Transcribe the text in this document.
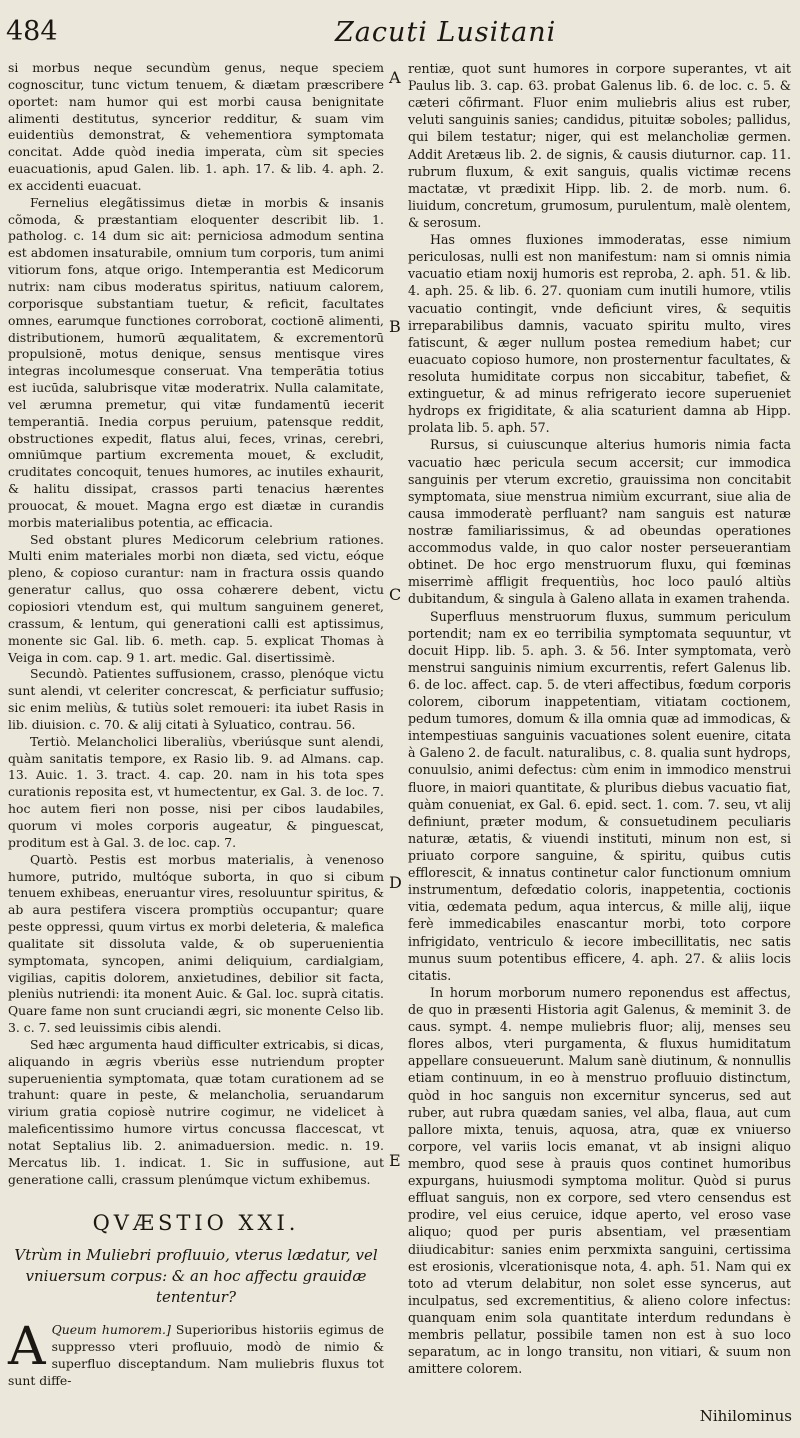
484	Zacuti Lusitani

si morbus neque secundùm genus, neque speciem cognoscitur, tunc victum tenuem, & diætam præscribere oportet: nam humor qui est morbi causa benignitate alimenti destitutus, syncerior redditur, & suam vim euidentiùs demonstrat, & vehementiora symptomata concitat. Adde quòd inedia imperata, cùm sit species euacuationis, apud Galen. lib. 1. aph. 17. & lib. 4. aph. 2. ex accidenti euacuat.

Fernelius elegãtissimus dietæ in morbis & insanis cõmoda, & præstantiam eloquenter describit lib. 1. patholog. c. 14 dum sic ait: perniciosa admodum sentina est abdomen insaturabile, omnium tum corporis, tum animi vitiorum fons, atque origo. Intemperantia est Medicorum nutrix: nam cibus moderatus spiritus, natiuum calorem, corporisque substantiam tuetur, & reficit, facultates omnes, earumque functiones corroborat, coctionē alimenti, distributionem, humorū æqualitatem, & excrementorū propulsionē, motus denique, sensus mentisque vires integras incolumesque conseruat. Vna temperātia totius est iucūda, salubrisque vitæ moderatrix. Nulla calamitate, vel ærumna premetur, qui vitæ fundamentū iecerit temperantiā. Inedia corpus peruium, patensque reddit, obstructiones expedit, flatus alui, feces, vrinas, cerebri, omniūmque partium excrementa mouet, & excludit, cruditates concoquit, tenues humores, ac inutiles exhaurit, & halitu dissipat, crassos parti tenacius hærentes prouocat, & mouet. Magna ergo est diætæ in curandis morbis materialibus potentia, ac efficacia.

Sed obstant plures Medicorum celebrium rationes. Multi enim materiales morbi non diæta, sed victu, eóque pleno, & copioso curantur: nam in fractura ossis quando generatur callus, quo ossa cohærere debent, victu copiosiori vtendum est, qui multum sanguinem generet, crassum, & lentum, qui generationi calli est aptissimus, monente sic Gal. lib. 6. meth. cap. 5. explicat Thomas à Veiga in com. cap. 9 1. art. medic. Gal. disertissimè.

Secundò. Patientes suffusionem, crasso, plenóque victu sunt alendi, vt celeriter concrescat, & perficiatur suffusio; sic enim meliùs, & tutiùs solet remoueri: ita iubet Rasis in lib. diuision. c. 70. & alij citati à Syluatico, contrau. 56.

Tertiò. Melancholici liberaliùs, vberiúsque sunt alendi, quàm sanitatis tempore, ex Rasio lib. 9. ad Almans. cap. 13. Auic. 1. 3. tract. 4. cap. 20. nam in his tota spes curationis reposita est, vt humectentur, ex Gal. 3. de loc. 7. hoc autem fieri non posse, nisi per cibos laudabiles, quorum vi moles corporis augeatur, & pinguescat, proditum est à Gal. 3. de loc. cap. 7.

Quartò. Pestis est morbus materialis, à venenoso humore, putrido, multóque suborta, in quo si cibum tenuem exhibeas, eneruantur vires, resoluuntur spiritus, & ab aura pestifera viscera promptiùs occupantur; quare peste oppressi, quum virtus ex morbi deleteria, & malefica qualitate sit dissoluta valde, & ob superuenientia symptomata, syncopen, animi deliquium, cardialgiam, vigilias, capitis dolorem, anxietudines, debilior sit facta, pleniùs nutriendi: ita monent Auic. & Gal. loc. suprà citatis. Quare fame non sunt cruciandi ægri, sic monente Celso lib. 3. c. 7. sed leuissimis cibis alendi.

Sed hæc argumenta haud difficulter extricabis, si dicas, aliquando in ægris vberiùs esse nutriendum propter superuenientia symptomata, quæ totam curationem ad se trahunt: quare in peste, & melancholia, seruandarum virium gratia copiosè nutrire cogimur, ne videlicet à maleficentissimo humore virtus concussa flaccescat, vt notat Septalius lib. 2. animaduersion. medic. n. 19. Mercatus lib. 1. indicat. 1. Sic in suffusione, aut generatione calli, crassum plenúmque victum exhibemus.

QVÆSTIO XXI.
Vtrùm in Muliebri profluuio, vterus lædatur, vel vniuersum corpus: & an hoc affectu grauidæ tententur?

A Queum humorem.] Superioribus historiis egimus de suppresso vteri profluuio, modò de nimio & superfluo disceptandum. Nam muliebris fluxus tot sunt diffe-

A
B
C
D
E

rentiæ, quot sunt humores in corpore superantes, vt ait Paulus lib. 3. cap. 63. probat Galenus lib. 6. de loc. c. 5. & cæteri cõfirmant. Fluor enim muliebris alius est ruber, veluti sanguinis sanies; candidus, pituitæ soboles; pallidus, qui bilem testatur; niger, qui est melancholiæ germen. Addit Aretæus lib. 2. de signis, & causis diuturnor. cap. 11. rubrum fluxum, & exit sanguis, qualis victimæ recens mactatæ, vt prædixit Hipp. lib. 2. de morb. num. 6. liuidum, concretum, grumosum, purulentum, malè olentem, & serosum.

Has omnes fluxiones immoderatas, esse nimium periculosas, nulli est non manifestum: nam si omnis nimia vacuatio etiam noxij humoris est reproba, 2. aph. 51. & lib. 4. aph. 25. & lib. 6. 27. quoniam cum inutili humore, vtilis vacuatio contingit, vnde deficiunt vires, & sequitis irreparabilibus damnis, vacuato spiritu multo, vires fatiscunt, & æger nullum postea remedium habet; cur euacuato copioso humore, non prosternentur facultates, & resoluta humiditate corpus non siccabitur, tabefiet, & extinguetur, & ad minus refrigerato iecore superueniet hydrops ex frigiditate, & alia scaturient damna ab Hipp. prolata lib. 5. aph. 57.

Rursus, si cuiuscunque alterius humoris nimia facta vacuatio hæc pericula secum accersit; cur immodica sanguinis per vterum excretio, grauissima non concitabit symptomata, siue menstrua nimiùm excurrant, siue alia de causa immoderatè perfluant? nam sanguis est naturæ nostræ familiarissimus, & ad obeundas operationes accommodus valde, in quo calor noster perseuerantiam obtinet. De hoc ergo menstruorum fluxu, qui fœminas miserrimè affligit frequentiùs, hoc loco pauló altiùs dubitandum, & singula à Galeno allata in examen trahenda.

Superfluus menstruorum fluxus, summum periculum portendit; nam ex eo terribilia symptomata sequuntur, vt docuit Hipp. lib. 5. aph. 3. & 56. Inter symptomata, verò menstrui sanguinis nimium excurrentis, refert Galenus lib. 6. de loc. affect. cap. 5. de vteri affectibus, fœdum corporis colorem, ciborum inappetentiam, vitiatam coctionem, pedum tumores, domum & illa omnia quæ ad immodicas, & intempestiuas sanguinis vacuationes solent euenire, citata à Galeno 2. de facult. naturalibus, c. 8. qualia sunt hydrops, conuulsio, animi defectus: cùm enim in immodico menstrui fluore, in maiori quantitate, & pluribus diebus vacuatio fiat, quàm conueniat, ex Gal. 6. epid. sect. 1. com. 7. seu, vt alij definiunt, præter modum, & consuetudinem peculiaris naturæ, ætatis, & viuendi instituti, minum non est, si priuato corpore sanguine, & spiritu, quibus cutis efflorescit, & innatus continetur calor functionum omnium instrumentum, defœdatio coloris, inappetentia, coctionis vitia, œdemata pedum, aqua intercus, & mille alij, iique ferè immedicabiles enascantur morbi, toto corpore infrigidato, ventriculo & iecore imbecillitatis, nec satis munus suum potentibus efficere, 4. aph. 27. & aliis locis citatis.

In horum morborum numero reponendus est affectus, de quo in præsenti Historia agit Galenus, & meminit 3. de caus. sympt. 4. nempe muliebris fluor; alij, menses seu flores albos, vteri purgamenta, & fluxus humiditatum appellare consueuerunt. Malum sanè diutinum, & nonnullis etiam continuum, in eo à menstruo profluuio distinctum, quòd in hoc sanguis non excernitur syncerus, sed aut ruber, aut rubra quædam sanies, vel alba, flaua, aut cum pallore mixta, tenuis, aquosa, atra, quæ ex vniuerso corpore, vel variis locis emanat, vt ab insigni aliquo membro, quod sese à prauis quos continet humoribus expurgans, huiusmodi symptoma molitur. Quòd si purus effluat sanguis, non ex corpore, sed vtero censendus est prodire, vel eius ceruice, idque aperto, vel eroso vase aliquo; quod per puris absentiam, vel præsentiam diiudicabitur: sanies enim perxmixta sanguini, certissima est erosionis, vlcerationisque nota, 4. aph. 51. Nam qui ex toto ad vterum delabitur, non solet esse syncerus, aut inculpatus, sed excrementitius, & alieno colore infectus: quanquam enim sola quantitate interdum redundans è membris pellatur, possibile tamen non est à suo loco separatum, ac in longo transitu, non vitiari, & suum non amittere colorem.

Nihilominus
